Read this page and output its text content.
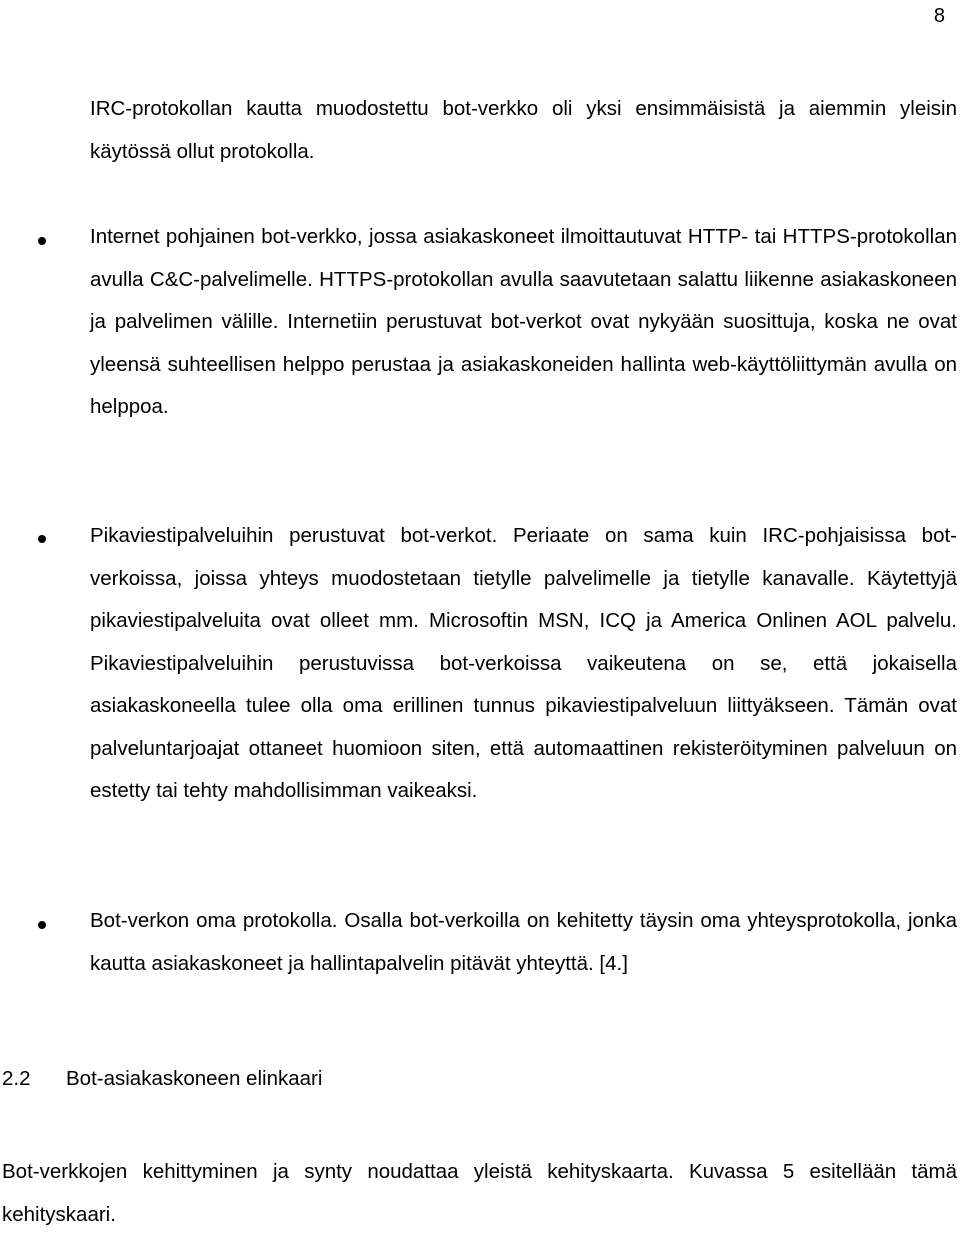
8
IRC-protokollan kautta muodostettu bot-verkko oli yksi ensimmäisistä ja aiemmin yleisin käytössä ollut protokolla.
Internet pohjainen bot-verkko, jossa asiakaskoneet ilmoittautuvat HTTP- tai HTTPS-protokollan avulla C&C-palvelimelle. HTTPS-protokollan avulla saavutetaan salattu liikenne asiakaskoneen ja palvelimen välille. Internetiin perustuvat bot-verkot ovat nykyään suosittuja, koska ne ovat yleensä suhteellisen helppo perustaa ja asiakaskoneiden hallinta web-käyttöliittymän avulla on helppoa.
Pikaviestipalveluihin perustuvat bot-verkot. Periaate on sama kuin IRC-pohjaisissa bot-verkoissa, joissa yhteys muodostetaan tietylle palvelimelle ja tietylle kanavalle. Käytettyjä pikaviestipalveluita ovat olleet mm. Microsoftin MSN, ICQ ja America Onlinen AOL palvelu. Pikaviestipalveluihin perustuvissa bot-verkoissa vaikeutena on se, että jokaisella asiakaskoneella tulee olla oma erillinen tunnus pikaviestipalveluun liittyäkseen. Tämän ovat palveluntarjoajat ottaneet huomioon siten, että automaattinen rekisteröityminen palveluun on estetty tai tehty mahdollisimman vaikeaksi.
Bot-verkon oma protokolla. Osalla bot-verkoilla on kehitetty täysin oma yhteysprotokolla, jonka kautta asiakaskoneet ja hallintapalvelin pitävät yhteyttä. [4.]
2.2 Bot-asiakaskoneen elinkaari
Bot-verkkojen kehittyminen ja synty noudattaa yleistä kehityskaarta. Kuvassa 5 esitellään tämä kehityskaari.
